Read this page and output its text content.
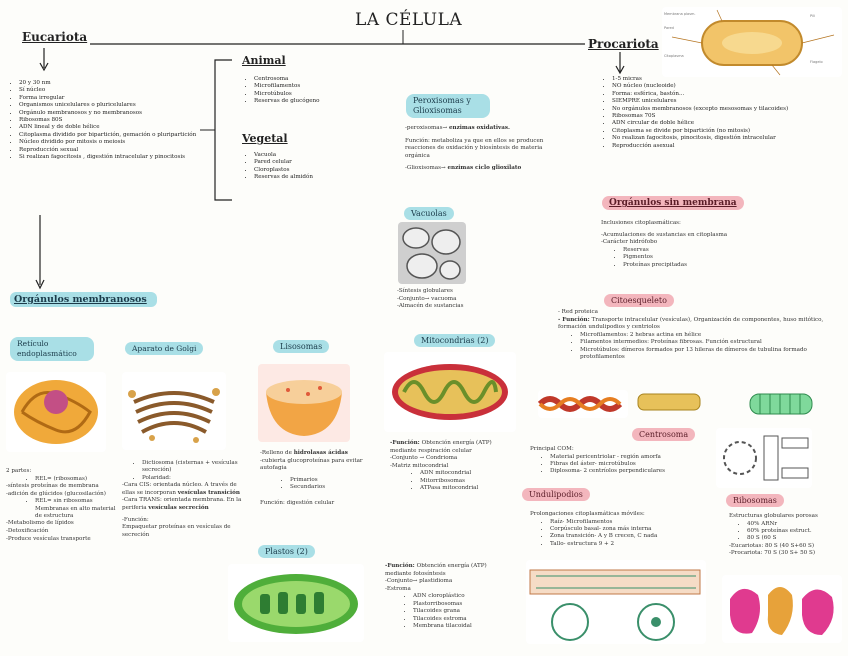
LA CÉLULA
Eucariota
• 20 y 30 nm
• Sí núcleo
• Forma irregular
• Organismos unicelulares o pluricelulares
• Orgánulo membranosos y no membranosos
• Ribosomas 80S
• ADN lineal y de doble hélice
• Citoplasma dividido por bipartición, gemación o pluripartición
• Núcleo dividido por mitosis o meiosis
• Reproducción sexual
• Si realizan fagocitosis , digestión intracelular y pinocitosis
Animal
• Centrosoma
• Microfilamentos
• Microtúbulos
• Reservas de glucógeno
Vegetal
• Vacuola
• Pared celular
• Cloroplastos
• Reservas de almidón
Procariota
Membrana plasm.
Pared
Citoplasma
Pili
Flagelo
• 1-5 micras
• NO núcleo (nucleoide)
• Forma: esférica, bastón...
• SIEMPRE unicelulares
• No orgánulos membranosos (excepto mesosomas y tilacoides)
• Ribosomas 70S
• ADN circular de doble hélice
• Citoplasma se divide por bipartición (no mitosis)
• No realizan fagocitosis, pinocitosis, digestión intracelular
• Reproducción asexual
Peroxisomas y Glioxisomas
-peroxisomas→ enzimas oxidativas.
Función: metaboliza ya que en ellos se producen reacciones de oxidación y biosíntesis de materia orgánica
-Glioxisomas→ enzimas ciclo glioxilato
Vacuolas
-Síntesis globulares
-Conjunto→ vacuoma
-Almacén de sustancias
Orgánulos sin membrana
Inclusiones citoplasmáticas:
-Acumulaciones de sustancias en citoplasma
-Carácter hidrófobo
• Reservas
• Pigmentos
• Proteínas precipitadas
Citoesqueleto
- Red proteica
- Función: Transporte intracelular (vesículas), Organización de componentes, huso mitótico, formación undulipodios y centriolos
• Microfilamentos: 2 hebras actina en hélice
• Filamentos intermedios: Proteínas fibrosas. Función estructural
• Microtúbulos: dímeros formados por 13 hileras de dímeros de tubulina formado protofilamentos
Orgánulos membranosos
Retículo endoplasmático
2 partes:
• REL= (ribosomas)
-síntesis proteínas de membrana
-adición de glúcidos (glucosilación)
• REL= sin ribosomas
Membranas en alto material de estructura
-Metabolismo de lípidos
-Detoxificación
-Produce vesículas transporte
Aparato de Golgi
• Dictiosoma (cisternas + vesículas secreción)
• Polaridad:
-Cara CIS: orientada núcleo. A través de ellas se incorporan vesículas transición
-Cara TRANS: orientada membrana. En la periferia vesículas secreción
-Función:
Empaquetar proteínas en vesículas de secreción
Lisosomas
-Relleno de hidrolasas ácidas
-cubierta glucoproteínas para evitar autofagia
• Primarios
• Secundarios
Función: digestión celular
Mitocondrias (2)
-Función: Obtención energía (ATP) mediante respiración celular
-Conjunto → Condrioma
-Matriz mitocondrial
• ADN mitocondrial
• Mitorribosomas
• ATPasa mitocondrial
Plastos (2)
-Función: Obtención energía (ATP) mediante fotosíntesis
-Conjunto→ plastidioma
-Estroma
• ADN cloroplástico
• Plastorribosomas
• Tilacoides grana
• Tilacoides estroma
• Membrana tilacoidal
Centrosoma
Principal COM:
• Material pericentriolar - región amorfa
• Fibras del áster- microtúbulos
• Diplosoma- 2 centríolos perpendiculares
Undulipodios
Prolongaciones citoplasmáticas móviles:
• Raíz- Microfilamentos
• Corpúsculo basal- zona más interna
• Zona transición- A y B crecen, C nada
• Tallo- estructura 9 + 2
Ribosomas
Estructuras globulares porosas
• 40% ARNr
• 60% proteínas estruct.
• 80 S (60 S
-Eucariotas: 80 S (40 S+60 S)
-Procariota: 70 S (30 S+ 50 S)
